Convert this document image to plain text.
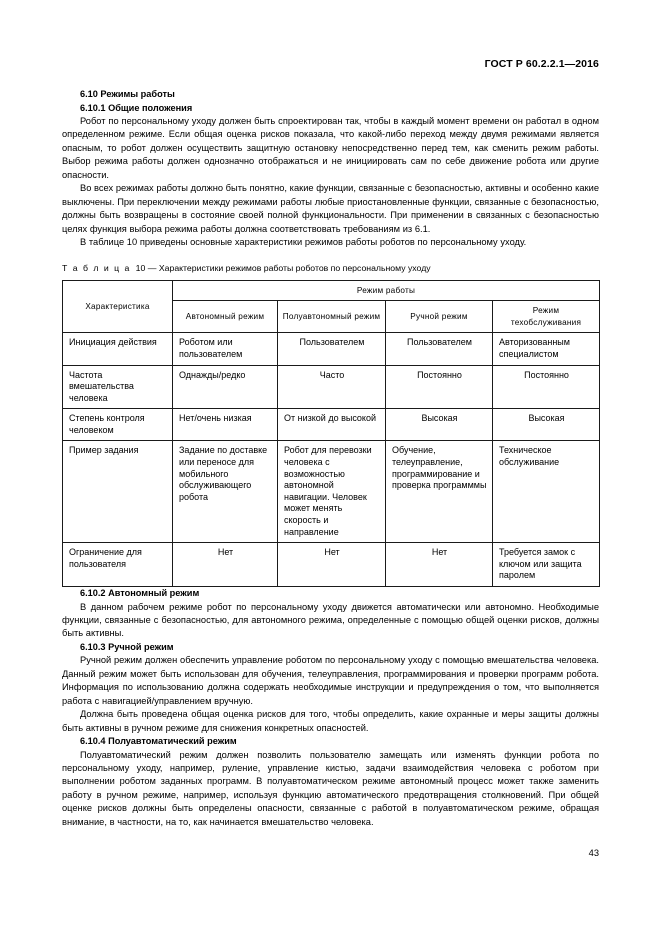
ГОСТ Р 60.2.2.1—2016
6.10 Режимы работы
6.10.1 Общие положения

Робот по персональному уходу должен быть спроектирован так, чтобы в каждый момент времени он работал в одном определенном режиме. Если общая оценка рисков показала, что какой-либо переход между двумя режимами является опасным, то робот должен осуществить защитную остановку непосредственно перед тем, как сменить режим работы. Выбор режима работы должен однозначно отображаться и не инициировать сам по себе движение робота или другие опасности.

Во всех режимах работы должно быть понятно, какие функции, связанные с безопасностью, активны и особенно какие выключены. При переключении между режимами работы любые приостановленные функции, связанные с безопасностью, должны быть возвращены в состояние своей полной функциональности. При применении в связанных с безопасностью целях функция выбора режима работы должна соответствовать требованиям из 6.1.

В таблице 10 приведены основные характеристики режимов работы роботов по персональному уходу.

Т а б л и ц а 10 — Характеристики режимов работы роботов по персональному уходу

Характеристика	Режим работы			
	Автономный режим	Полуавтономный режим	Ручной режим	Режим техобслуживания
Инициация действия	Роботом или пользователем	Пользователем	Пользователем	Авторизованным специалистом
Частота вмешательства человека	Однажды/редко	Часто	Постоянно	Постоянно
Степень контроля человеком	Нет/очень низкая	От низкой до высокой	Высокая	Высокая
Пример задания	Задание по доставке или переносе для мобильного обслуживающего робота	Робот для перевозки человека с возможностью автономной навигации. Человек может менять скорость и направление	Обучение, телеуправление, программирование и проверка программмы	Техническое обслуживание
Ограничение для пользователя	Нет	Нет	Нет	Требуется замок с ключом или защита паролем
6.10.2 Автономный режим

В данном рабочем режиме робот по персональному уходу движется автоматически или автономно. Необходимые функции, связанные с безопасностью, для автономного режима, определенные с помощью общей оценки рисков, должны быть активны.

6.10.3 Ручной режим

Ручной режим должен обеспечить управление роботом по персональному уходу с помощью вмешательства человека. Данный режим может быть использован для обучения, телеуправления, программирования и проверки программ робота. Информация по использованию должна содержать необходимые инструкции и предупреждения о том, что выполняется работа с навигацией/управлением вручную.

Должна быть проведена общая оценка рисков для того, чтобы определить, какие охранные и меры защиты должны быть активны в ручном режиме для снижения конкретных опасностей.

6.10.4 Полуавтоматический режим

Полуавтоматический режим должен позволить пользователю замещать или изменять функции робота по персональному уходу, например, руление, управление кистью, задачи взаимодействия человека с роботом при выполнении роботом заданных программ. В полуавтоматическом режиме автономный процесс может также заменить работу в ручном режиме, например, используя функцию автоматического предотвращения столкновений. При общей оценке рисков должны быть определены опасности, связанные с работой в полуавтоматическом режиме, обращая внимание, в частности, на то, как начинается вмешательство человека.

43
